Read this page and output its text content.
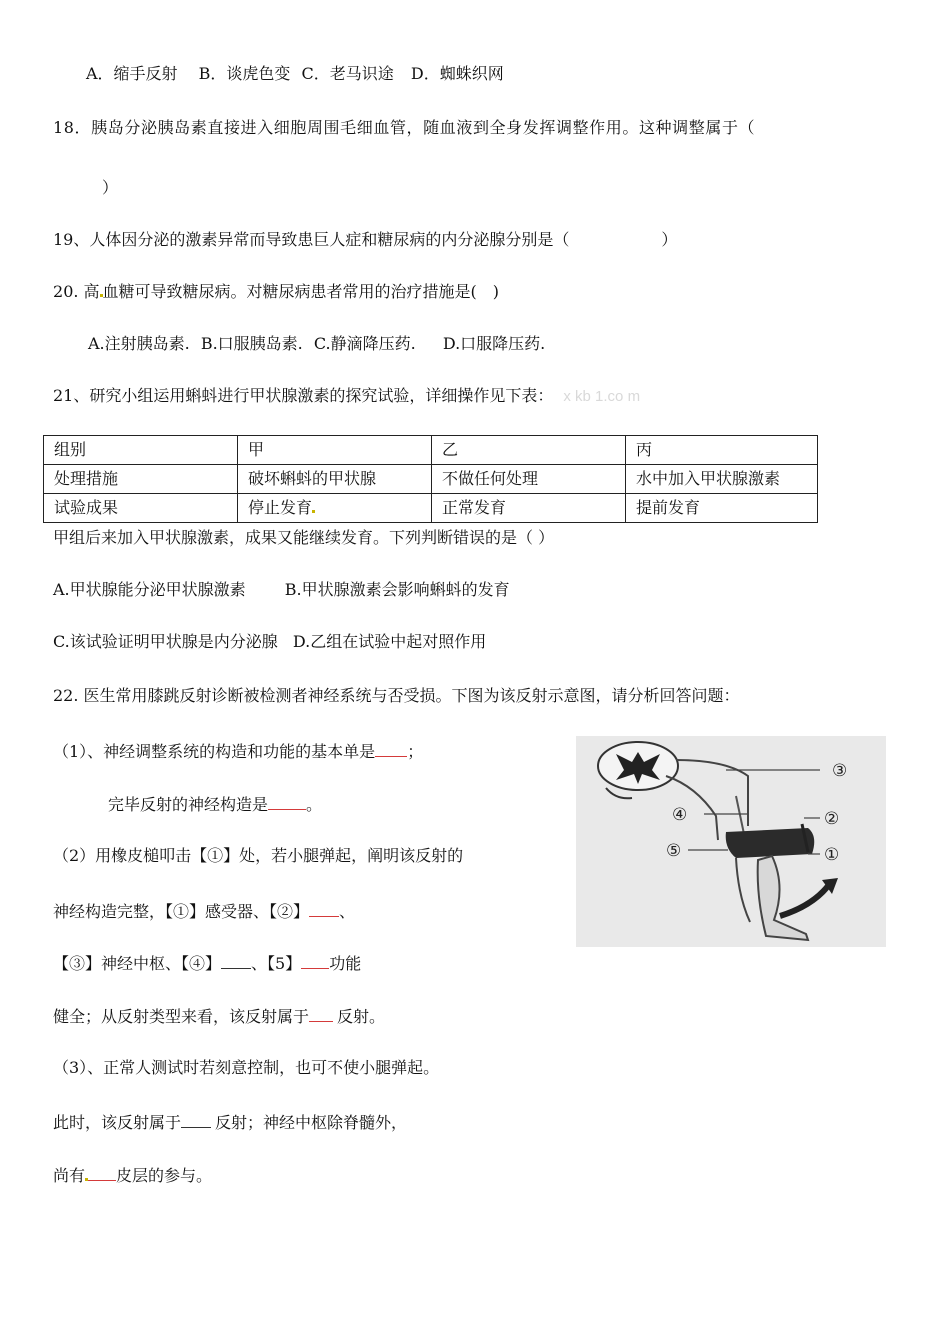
A．缩手反射 B．谈虎色变 C．老马识途 D．蜘蛛织网
18．胰岛分泌胰岛素直接进入细胞周围毛细血管，随血液到全身发挥调整作用。这种调整属于（
）
19、人体因分泌的激素异常而导致患巨人症和糖尿病的内分泌腺分别是（	）
20. 高 血糖可导致糖尿病。对糖尿病患者常用的治疗措施是( )
A.注射胰岛素. B.口服胰岛素. C.静滴降压药. D.口服降压药.
21、研究小组运用蝌蚪进行甲状腺激素的探究试验，详细操作见下表： x kb 1.co m
组别	甲	乙	丙
处理措施	破坏蝌蚪的甲状腺	不做任何处理	水中加入甲状腺激素
试验成果	停止发育	正常发育	提前发育
甲组后来加入甲状腺激素，成果又能继续发育。下列判断错误的是（ ）
A.甲状腺能分泌甲状腺激素 B.甲状腺激素会影响蝌蚪的发育
C.该试验证明甲状腺是内分泌腺 D.乙组在试验中起对照作用
22. 医生常用膝跳反射诊断被检测者神经系统与否受损。下图为该反射示意图，请分析回答问题：
（1）、神经调整系统的构造和功能的基本单是 ；
完毕反射的神经构造是 。
（2）用橡皮槌叩击【①】处，若小腿弹起，阐明该反射的
神经构造完整，【①】感受器、【②】 、
【③】神经中枢、【④】 、【5】 功能
健全；从反射类型来看，该反射属于 反射。
（3）、正常人测试时若刻意控制，也可不使小腿弹起。
此时，该反射属于 反射；神经中枢除脊髓外，
尚有 皮层的参与。
③
④	②
⑤	①
